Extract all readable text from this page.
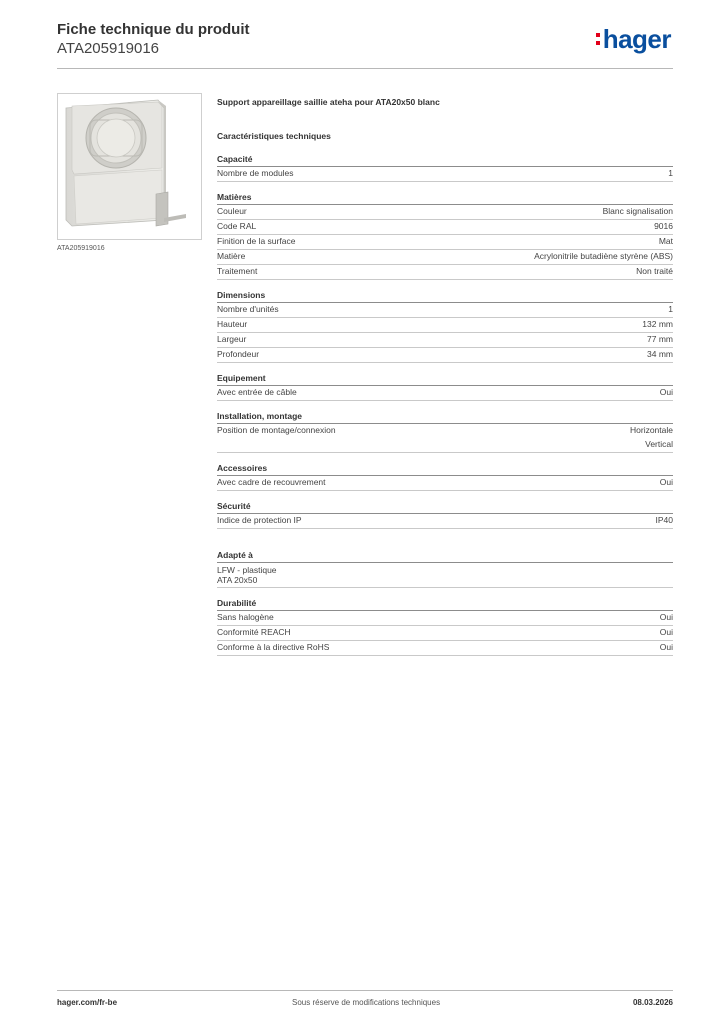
Fiche technique du produit
ATA205919016	hager
ATA205919016
Support appareillage saillie ateha pour ATA20x50 blanc
Caractéristiques techniques
Capacité
Nombre de modules	1
Matières
Couleur	Blanc signalisation
Code RAL	9016
Finition de la surface	Mat
Matière	Acrylonitrile butadiène styrène (ABS)
Traitement	Non traité
Dimensions
Nombre d'unités	1
Hauteur	132 mm
Largeur	77 mm
Profondeur	34 mm
Equipement
Avec entrée de câble	Oui
Installation, montage
Position de montage/connexion	Horizontale
Vertical
Accessoires
Avec cadre de recouvrement	Oui
Sécurité
Indice de protection IP	IP40
Adapté à
LFW - plastique
ATA 20x50
Durabilité
Sans halogène	Oui
Conformité REACH	Oui
Conforme à la directive RoHS	Oui
hager.com/fr-be	Sous réserve de modifications techniques	08.03.2026
